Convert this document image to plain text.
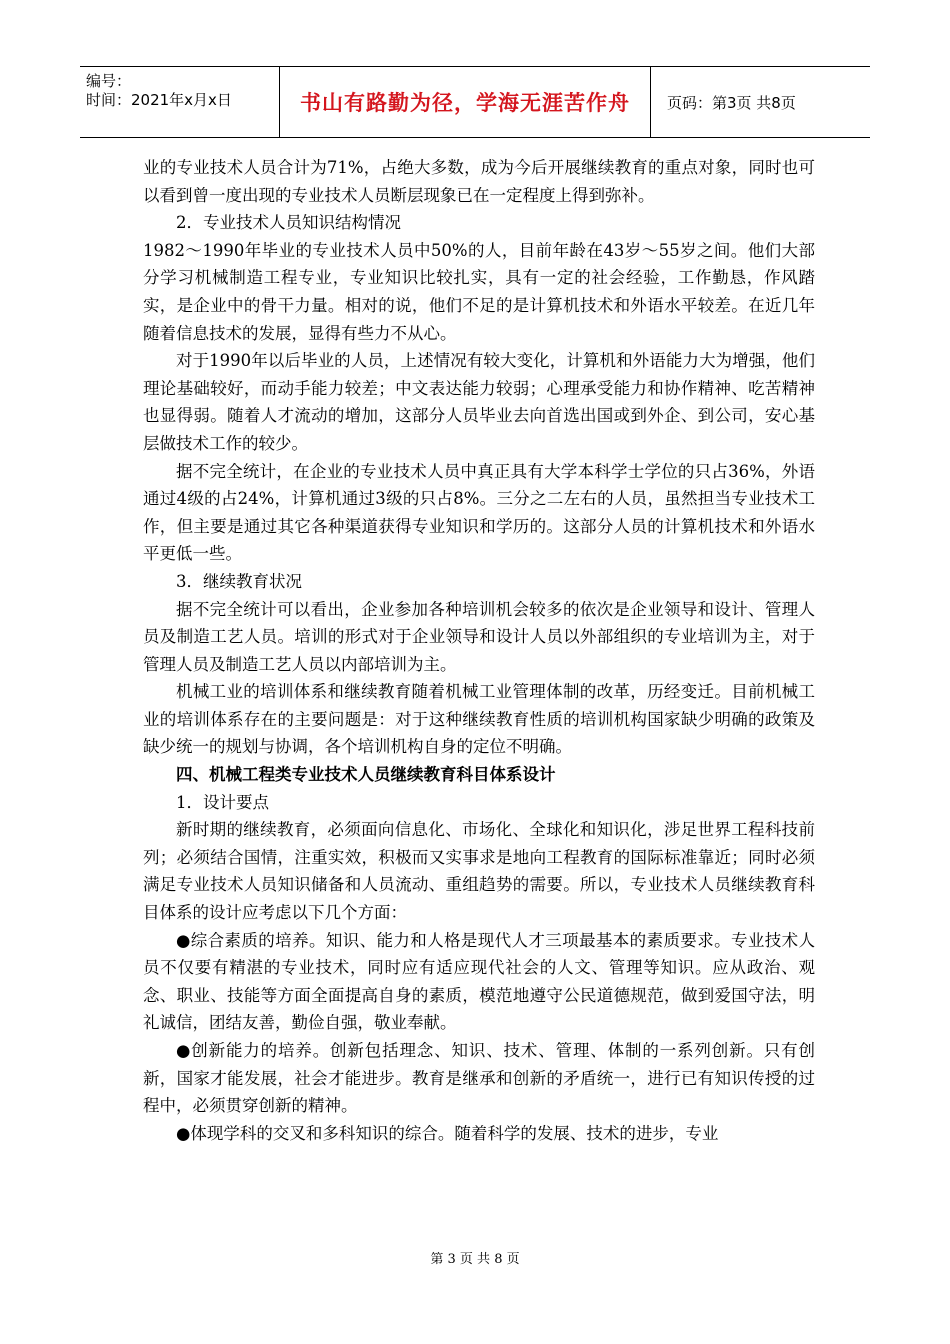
编号：
时间：2021年x月x日	书山有路勤为径，学海无涯苦作舟 页码：第3页 共8页

业的专业技术人员合计为71%，占绝大多数，成为今后开展继续教育的重点对象，同时也可以看到曾一度出现的专业技术人员断层现象已在一定程度上得到弥补。

2．专业技术人员知识结构情况

1982～1990年毕业的专业技术人员中50%的人，目前年龄在43岁～55岁之间。他们大部分学习机械制造工程专业，专业知识比较扎实，具有一定的社会经验，工作勤恳，作风踏实，是企业中的骨干力量。相对的说，他们不足的是计算机技术和外语水平较差。在近几年随着信息技术的发展，显得有些力不从心。

对于1990年以后毕业的人员，上述情况有较大变化，计算机和外语能力大为增强，他们理论基础较好，而动手能力较差；中文表达能力较弱；心理承受能力和协作精神、吃苦精神也显得弱。随着人才流动的增加，这部分人员毕业去向首选出国或到外企、到公司，安心基层做技术工作的较少。

据不完全统计，在企业的专业技术人员中真正具有大学本科学士学位的只占36%，外语通过4级的占24%，计算机通过3级的只占8%。三分之二左右的人员，虽然担当专业技术工作，但主要是通过其它各种渠道获得专业知识和学历的。这部分人员的计算机技术和外语水平更低一些。

3．继续教育状况

据不完全统计可以看出，企业参加各种培训机会较多的依次是企业领导和设计、管理人员及制造工艺人员。培训的形式对于企业领导和设计人员以外部组织的专业培训为主，对于管理人员及制造工艺人员以内部培训为主。

机械工业的培训体系和继续教育随着机械工业管理体制的改革，历经变迁。目前机械工业的培训体系存在的主要问题是：对于这种继续教育性质的培训机构国家缺少明确的政策及缺少统一的规划与协调，各个培训机构自身的定位不明确。

四、机械工程类专业技术人员继续教育科目体系设计

1．设计要点

新时期的继续教育，必须面向信息化、市场化、全球化和知识化，涉足世界工程科技前列；必须结合国情，注重实效，积极而又实事求是地向工程教育的国际标准靠近；同时必须满足专业技术人员知识储备和人员流动、重组趋势的需要。所以，专业技术人员继续教育科目体系的设计应考虑以下几个方面：

●综合素质的培养。知识、能力和人格是现代人才三项最基本的素质要求。专业技术人员不仅要有精湛的专业技术，同时应有适应现代社会的人文、管理等知识。应从政治、观念、职业、技能等方面全面提高自身的素质，模范地遵守公民道德规范，做到爱国守法，明礼诚信，团结友善，勤俭自强，敬业奉献。

●创新能力的培养。创新包括理念、知识、技术、管理、体制的一系列创新。只有创新，国家才能发展，社会才能进步。教育是继承和创新的矛盾统一，进行已有知识传授的过程中，必须贯穿创新的精神。

●体现学科的交叉和多科知识的综合。随着科学的发展、技术的进步，专业

第 3 页 共 8 页
